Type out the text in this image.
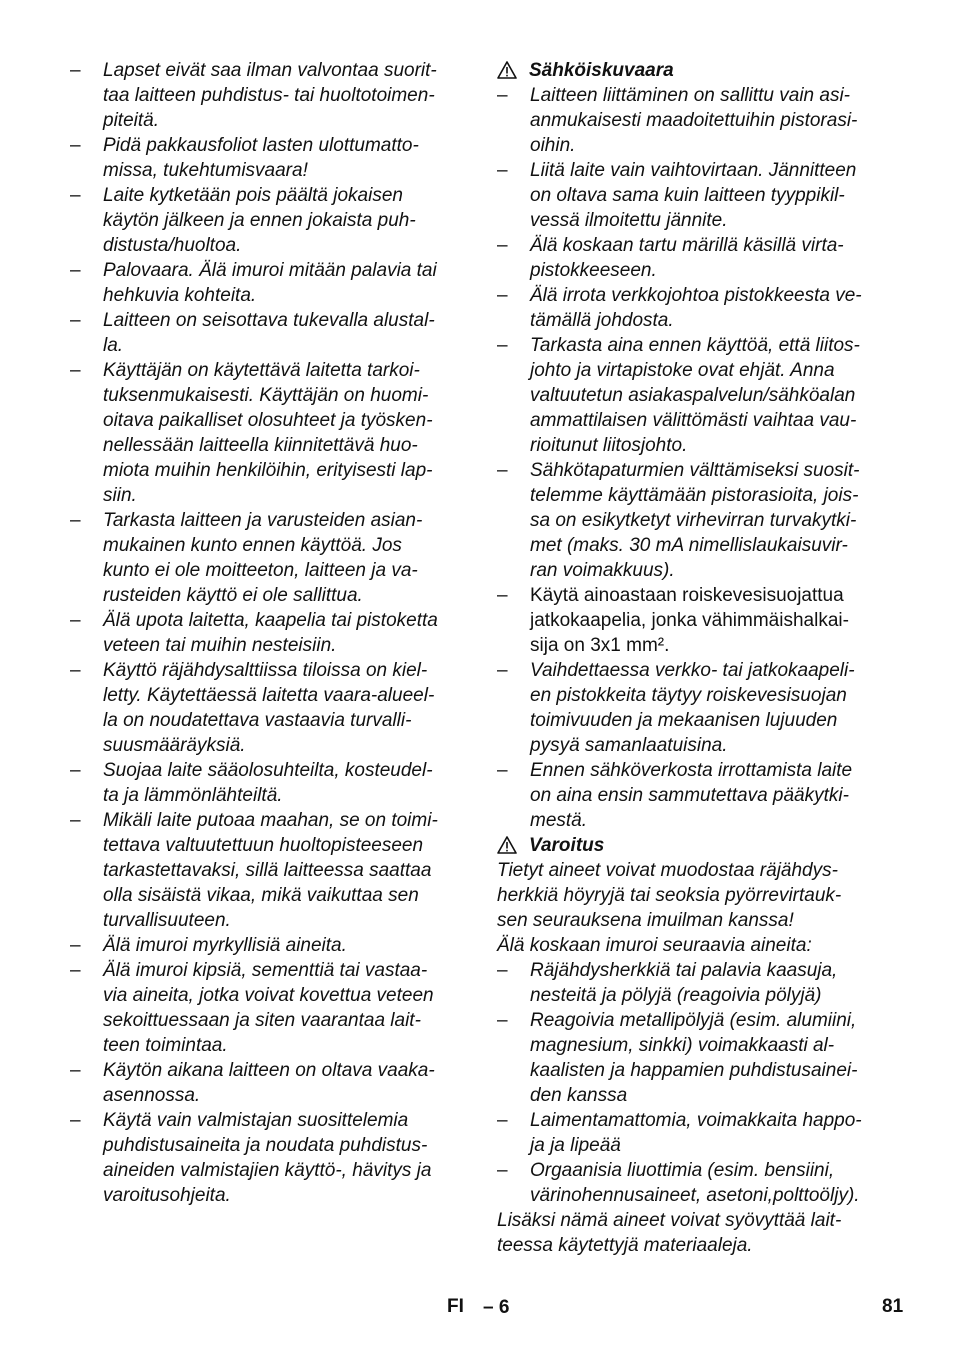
– Lapset eivät saa ilman valvontaa suorit-
taa laitteen puhdistus- tai huoltotoimen-
piteitä.
– Pidä pakkausfoliot lasten ulottumatto-
missa, tukehtumisvaara!
– Laite kytketään pois päältä jokaisen
käytön jälkeen ja ennen jokaista puh-
distusta/huoltoa.
– Palovaara. Älä imuroi mitään palavia tai
hehkuvia kohteita.
– Laitteen on seisottava tukevalla alustal-
la.
– Käyttäjän on käytettävä laitetta tarkoi-
tuksenmukaisesti. Käyttäjän on huomi-
oitava paikalliset olosuhteet ja työsken-
nellessään laitteella kiinnitettävä huo-
miota muihin henkilöihin, erityisesti lap-
siin.
– Tarkasta laitteen ja varusteiden asian-
mukainen kunto ennen käyttöä. Jos
kunto ei ole moitteeton, laitteen ja va-
rusteiden käyttö ei ole sallittua.
– Älä upota laitetta, kaapelia tai pistoketta
veteen tai muihin nesteisiin.
– Käyttö räjähdysalttiissa tiloissa on kiel-
letty. Käytettäessä laitetta vaara-alueel-
la on noudatettava vastaavia turvalli-
suusmääräyksiä.
– Suojaa laite sääolosuhteilta, kosteudel-
ta ja lämmönlähteiltä.
– Mikäli laite putoaa maahan, se on toimi-
tettava valtuutettuun huoltopisteeseen
tarkastettavaksi, sillä laitteessa saattaa
olla sisäistä vikaa, mikä vaikuttaa sen
turvallisuuteen.
– Älä imuroi myrkyllisiä aineita.
– Älä imuroi kipsiä, sementtiä tai vastaa-
via aineita, jotka voivat kovettua veteen
sekoittuessaan ja siten vaarantaa lait-
teen toimintaa.
– Käytön aikana laitteen on oltava vaaka-
asennossa.
– Käytä vain valmistajan suosittelemia
puhdistusaineita ja noudata puhdistus-
aineiden valmistajien käyttö-, hävitys ja
varoitusohjeita.
Sähköiskuvaara
– Laitteen liittäminen on sallittu vain asi-
anmukaisesti maadoitettuihin pistorasi-
oihin.
– Liitä laite vain vaihtovirtaan. Jännitteen
on oltava sama kuin laitteen tyyppikil-
vessä ilmoitettu jännite.
– Älä koskaan tartu märillä käsillä virta-
pistokkeeseen.
– Älä irrota verkkojohtoa pistokkeesta ve-
tämällä johdosta.
– Tarkasta aina ennen käyttöä, että liitos-
johto ja virtapistoke ovat ehjät. Anna
valtuutetun asiakaspalvelun/sähköalan
ammattilaisen välittömästi vaihtaa vau-
rioitunut liitosjohto.
– Sähkötapaturmien välttämiseksi suosit-
telemme käyttämään pistorasioita, jois-
sa on esikytketyt virhevirran turvakytki-
met (maks. 30 mA nimellislaukaisuvir-
ran voimakkuus).
– Käytä ainoastaan roiskevesisuojattua
jatkokaapelia, jonka vähimmäishalkai-
sija on 3x1 mm².
– Vaihdettaessa verkko- tai jatkokaapeli-
en pistokkeita täytyy roiskevesisuojan
toimivuuden ja mekaanisen lujuuden
pysyä samanlaatuisina.
– Ennen sähköverkosta irrottamista laite
on aina ensin sammutettava pääkytki-
mestä.
Varoitus
Tietyt aineet voivat muodostaa räjähdys-
herkkiä höyryjä tai seoksia pyörrevirtauk-
sen seurauksena imuilman kanssa!
Älä koskaan imuroi seuraavia aineita:
– Räjähdysherkkiä tai palavia kaasuja,
nesteitä ja pölyjä (reagoivia pölyjä)
– Reagoivia metallipölyjä (esim. alumiini,
magnesium, sinkki) voimakkaasti al-
kaalisten ja happamien puhdistusainei-
den kanssa
– Laimentamattomia, voimakkaita happo-
ja ja lipeää
– Orgaanisia liuottimia (esim. bensiini,
värinohennusaineet, asetoni,polttoöljy).
Lisäksi nämä aineet voivat syövyttää lait-
teessa käytettyjä materiaaleja.
FI – 6	81
